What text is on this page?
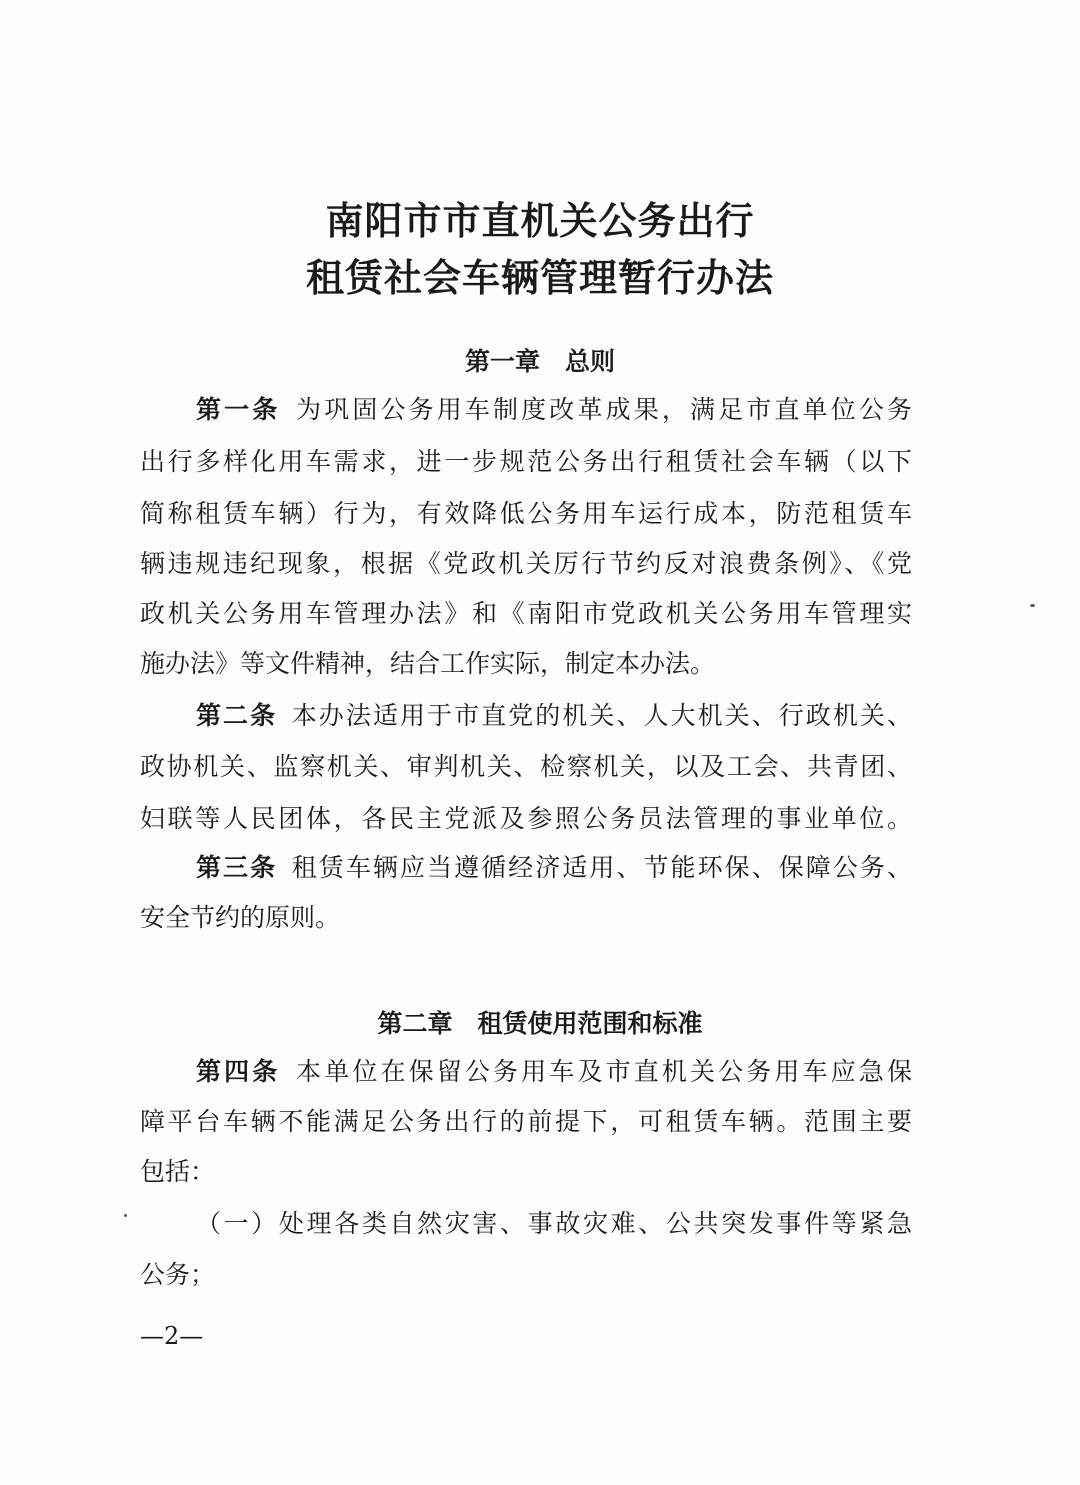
南阳市市直机关公务出行
租赁社会车辆管理暂行办法
第一章　总则
第一条  为巩固公务用车制度改革成果，满足市直单位公务
出行多样化用车需求，进一步规范公务出行租赁社会车辆（以下
简称租赁车辆）行为，有效降低公务用车运行成本，防范租赁车
辆违规违纪现象，根据《党政机关厉行节约反对浪费条例》、《党
政机关公务用车管理办法》和《南阳市党政机关公务用车管理实
施办法》等文件精神，结合工作实际，制定本办法。
第二条  本办法适用于市直党的机关、人大机关、行政机关、
政协机关、监察机关、审判机关、检察机关，以及工会、共青团、
妇联等人民团体，各民主党派及参照公务员法管理的事业单位。
第三条  租赁车辆应当遵循经济适用、节能环保、保障公务、
安全节约的原则。
第二章　租赁使用范围和标准
第四条  本单位在保留公务用车及市直机关公务用车应急保
障平台车辆不能满足公务出行的前提下，可租赁车辆。范围主要
包括：
（一）处理各类自然灾害、事故灾难、公共突发事件等紧急
公务；
—2—
